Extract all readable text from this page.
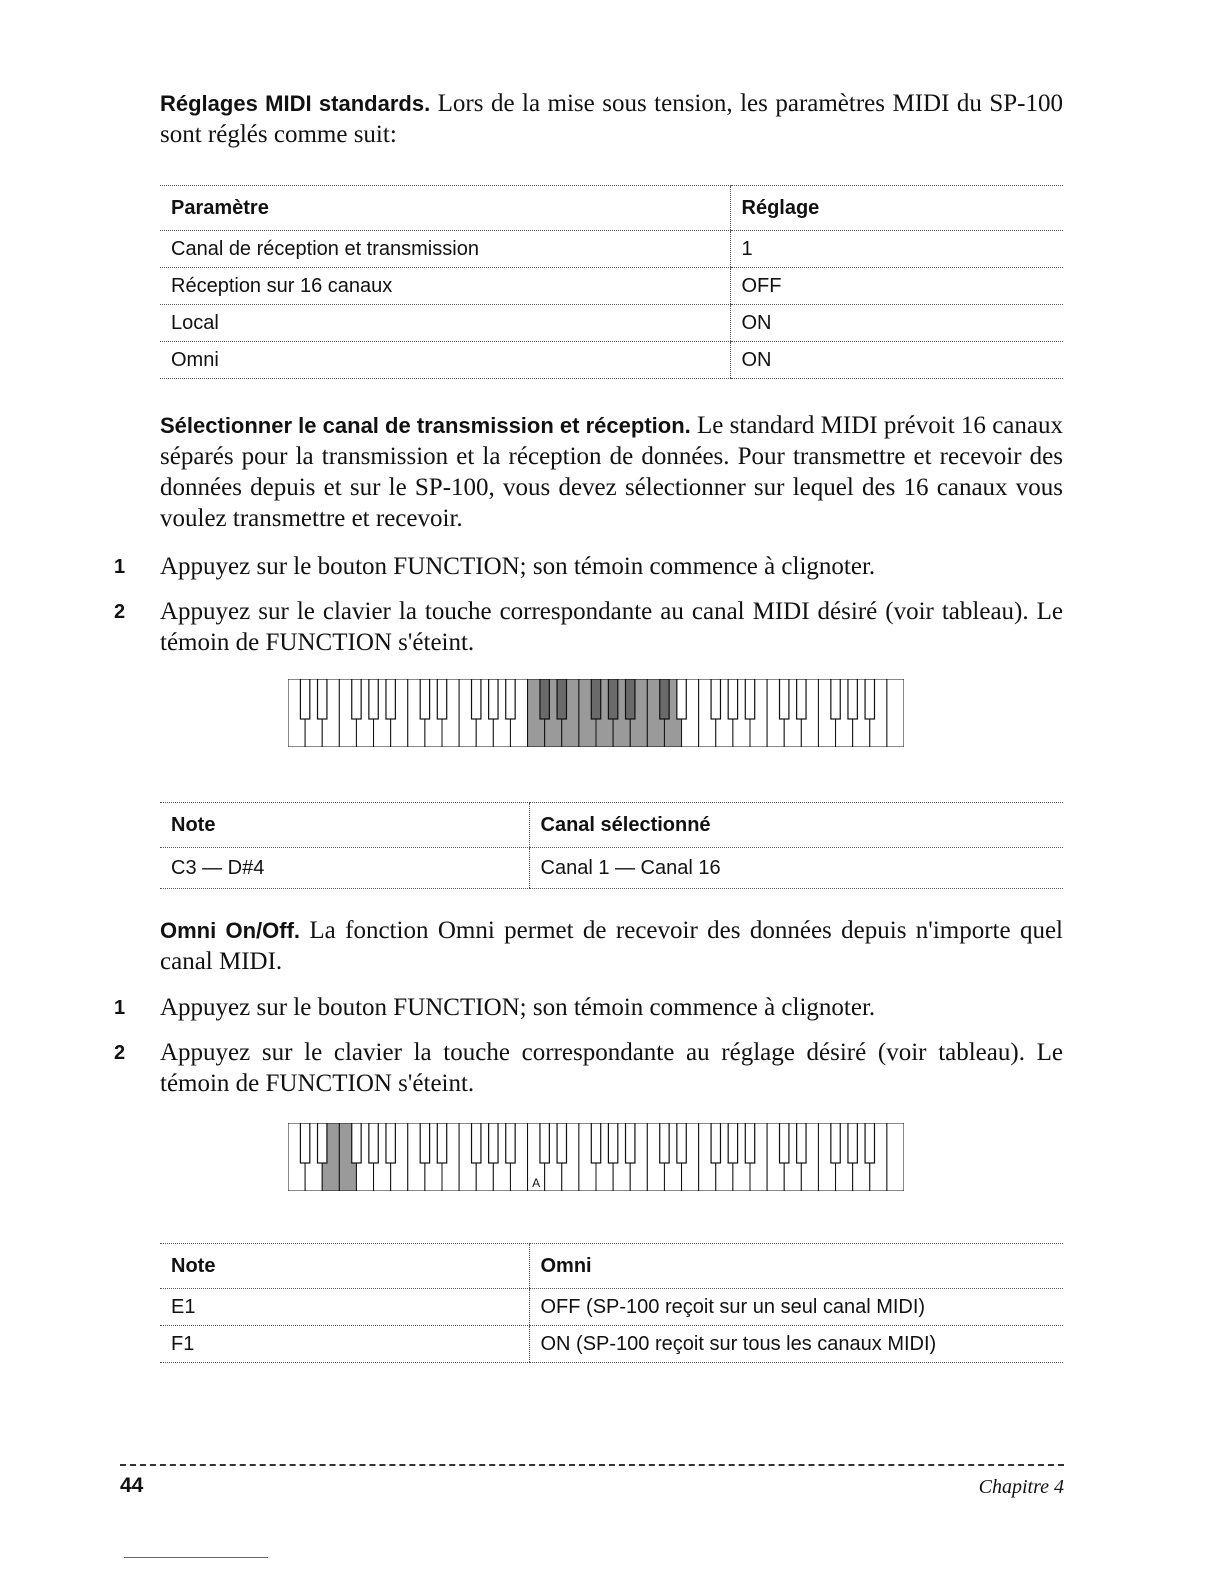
Réglages MIDI standards. Lors de la mise sous tension, les paramètres MIDI du SP-100 sont réglés comme suit:

Paramètre	Réglage
Canal de réception et transmission	1
Réception sur 16 canaux	OFF
Local	ON
Omni	ON

Sélectionner le canal de transmission et réception. Le standard MIDI prévoit 16 canaux séparés pour la transmission et la réception de données. Pour transmettre et recevoir des données depuis et sur le SP-100, vous devez sélectionner sur lequel des 16 canaux vous voulez transmettre et recevoir.

1 Appuyez sur le bouton FUNCTION; son témoin commence à clignoter.

2 Appuyez sur le clavier la touche correspondante au canal MIDI désiré (voir tableau). Le témoin de FUNCTION s'éteint.

Note	Canal sélectionné
C3 — D#4	Canal 1 — Canal 16

Omni On/Off. La fonction Omni permet de recevoir des données depuis n'importe quel canal MIDI.

1 Appuyez sur le bouton FUNCTION; son témoin commence à clignoter.

2 Appuyez sur le clavier la touche correspondante au réglage désiré (voir tableau). Le témoin de FUNCTION s'éteint.

A
Note	Omni
E1	OFF (SP-100 reçoit sur un seul canal MIDI)
F1	ON (SP-100 reçoit sur tous les canaux MIDI)
44	Chapitre 4
